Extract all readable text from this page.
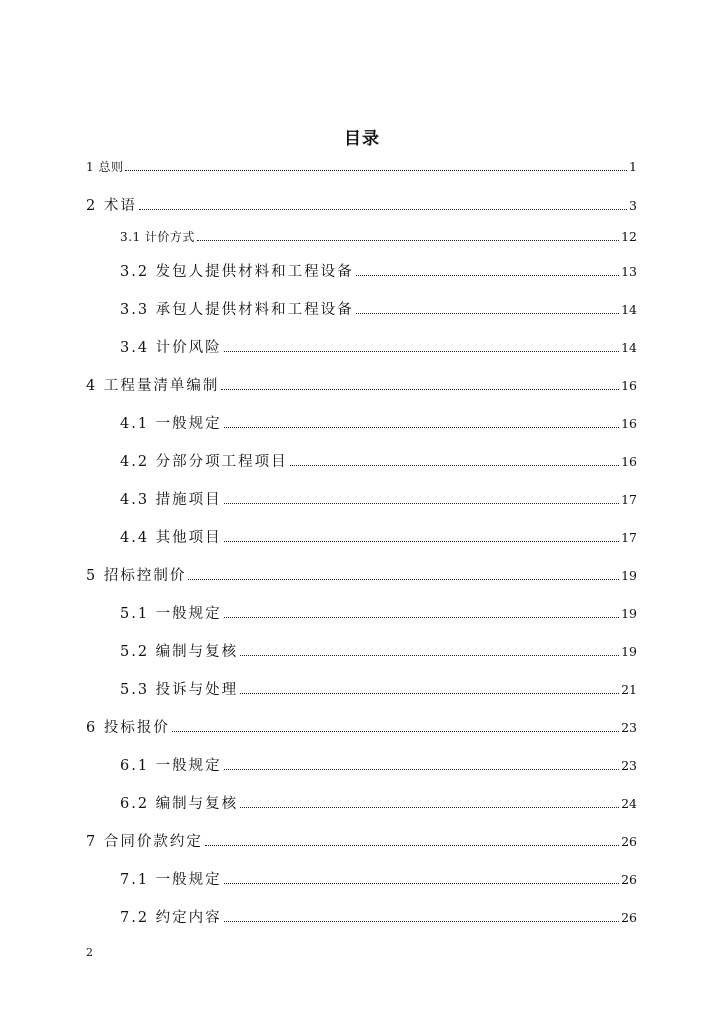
目录
1 总则	1
2 术语	3
3.1 计价方式	12
3.2 发包人提供材料和工程设备	13
3.3 承包人提供材料和工程设备	14
3.4 计价风险	14
4 工程量清单编制	16
4.1 一般规定	16
4.2 分部分项工程项目	16
4.3 措施项目	17
4.4 其他项目	17
5 招标控制价	19
5.1 一般规定	19
5.2 编制与复核	19
5.3 投诉与处理	21
6 投标报价	23
6.1 一般规定	23
6.2 编制与复核	24
7 合同价款约定	26
7.1 一般规定	26
7.2 约定内容	26
2
